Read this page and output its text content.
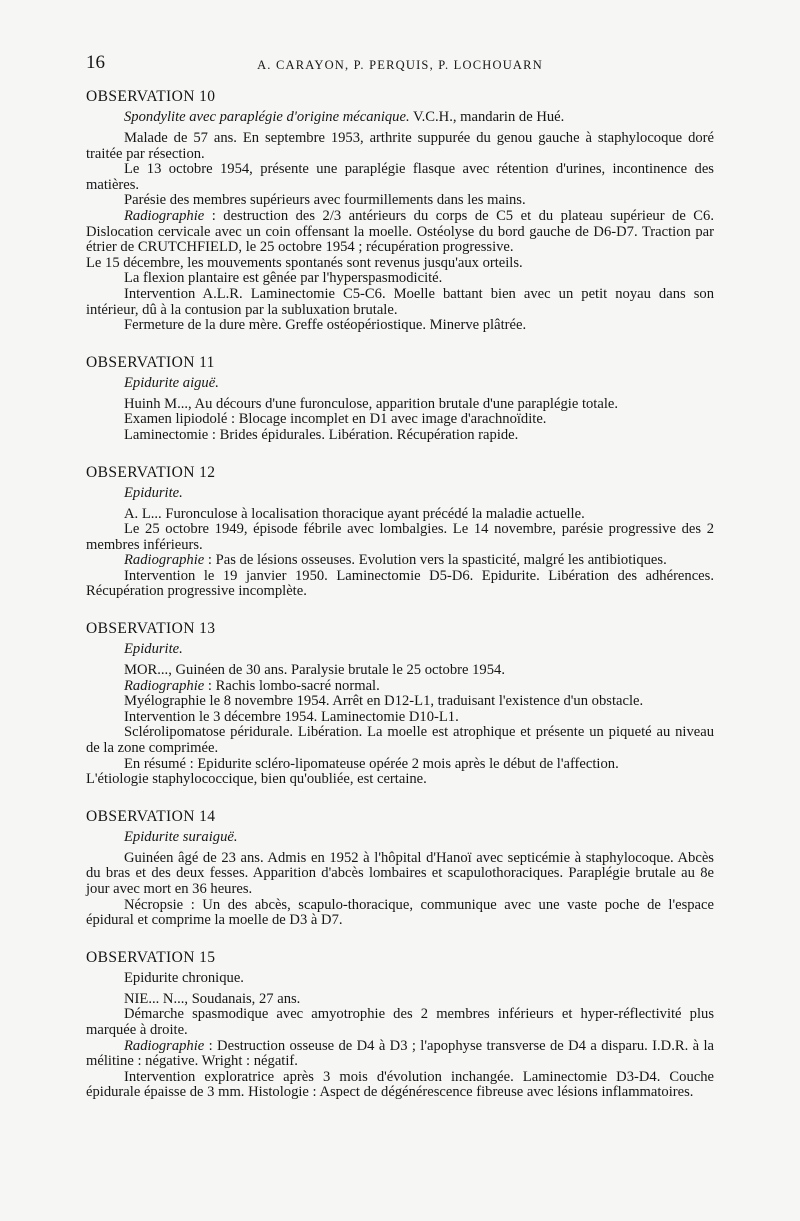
16	A. CARAYON, P. PERQUIS, P. LOCHOUARN
OBSERVATION 10
Spondylite avec paraplégie d'origine mécanique. V.C.H., mandarin de Hué.

Malade de 57 ans. En septembre 1953, arthrite suppurée du genou gauche à staphylocoque doré traitée par résection.

Le 13 octobre 1954, présente une paraplégie flasque avec rétention d'urines, incontinence des matières.

Parésie des membres supérieurs avec fourmillements dans les mains.

Radiographie : destruction des 2/3 antérieurs du corps de C5 et du plateau supérieur de C6. Dislocation cervicale avec un coin offensant la moelle. Ostéolyse du bord gauche de D6-D7. Traction par étrier de CRUTCHFIELD, le 25 octobre 1954 ; récupération progressive.

Le 15 décembre, les mouvements spontanés sont revenus jusqu'aux orteils.

La flexion plantaire est gênée par l'hyperspasmodicité.

Intervention A.L.R. Laminectomie C5-C6. Moelle battant bien avec un petit noyau dans son intérieur, dû à la contusion par la subluxation brutale.

Fermeture de la dure mère. Greffe ostéopériostique. Minerve plâtrée.

OBSERVATION 11
Epidurite aiguë.

Huinh M..., Au décours d'une furonculose, apparition brutale d'une paraplégie totale.

Examen lipiodolé : Blocage incomplet en D1 avec image d'arachnoïdite.

Laminectomie : Brides épidurales. Libération. Récupération rapide.

OBSERVATION 12
Epidurite.

A. L... Furonculose à localisation thoracique ayant précédé la maladie actuelle.

Le 25 octobre 1949, épisode fébrile avec lombalgies. Le 14 novembre, parésie progressive des 2 membres inférieurs.

Radiographie : Pas de lésions osseuses. Evolution vers la spasticité, malgré les antibiotiques.

Intervention le 19 janvier 1950. Laminectomie D5-D6. Epidurite. Libération des adhérences. Récupération progressive incomplète.

OBSERVATION 13
Epidurite.

MOR..., Guinéen de 30 ans. Paralysie brutale le 25 octobre 1954.

Radiographie : Rachis lombo-sacré normal.

Myélographie le 8 novembre 1954. Arrêt en D12-L1, traduisant l'existence d'un obstacle.

Intervention le 3 décembre 1954. Laminectomie D10-L1.

Sclérolipomatose péridurale. Libération. La moelle est atrophique et présente un piqueté au niveau de la zone comprimée.

En résumé : Epidurite scléro-lipomateuse opérée 2 mois après le début de l'affection.

L'étiologie staphylococcique, bien qu'oubliée, est certaine.

OBSERVATION 14
Epidurite suraiguë.

Guinéen âgé de 23 ans. Admis en 1952 à l'hôpital d'Hanoï avec septicémie à staphylocoque. Abcès du bras et des deux fesses. Apparition d'abcès lombaires et scapulothoraciques. Paraplégie brutale au 8e jour avec mort en 36 heures.

Nécropsie : Un des abcès, scapulo-thoracique, communique avec une vaste poche de l'espace épidural et comprime la moelle de D3 à D7.

OBSERVATION 15
Epidurite chronique.

NIE... N..., Soudanais, 27 ans.

Démarche spasmodique avec amyotrophie des 2 membres inférieurs et hyper-réflectivité plus marquée à droite.

Radiographie : Destruction osseuse de D4 à D3 ; l'apophyse transverse de D4 a disparu. I.D.R. à la mélitine : négative. Wright : négatif.

Intervention exploratrice après 3 mois d'évolution inchangée. Laminectomie D3-D4. Couche épidurale épaisse de 3 mm. Histologie : Aspect de dégénérescence fibreuse avec lésions inflammatoires.
